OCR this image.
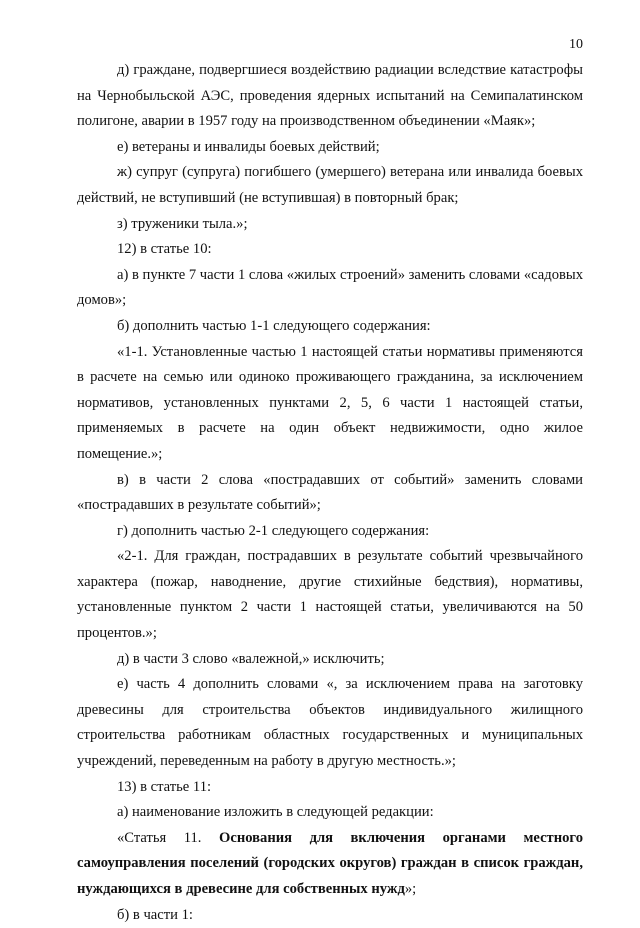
10

д) граждане, подвергшиеся воздействию радиации вследствие катастрофы на Чернобыльской АЭС, проведения ядерных испытаний на Семипалатинском полигоне, аварии в 1957 году на производственном объединении «Маяк»;

е) ветераны и инвалиды боевых действий;

ж) супруг (супруга) погибшего (умершего) ветерана или инвалида боевых действий, не вступивший (не вступившая) в повторный брак;

з) труженики тыла.»;

12) в статье 10:

а) в пункте 7 части 1 слова «жилых строений» заменить словами «садовых домов»;

б) дополнить частью 1-1 следующего содержания:

«1-1. Установленные частью 1 настоящей статьи нормативы применяются в расчете на семью или одиноко проживающего гражданина, за исключением нормативов, установленных пунктами 2, 5, 6 части 1 настоящей статьи, применяемых в расчете на один объект недвижимости, одно жилое помещение.»;

в) в части 2 слова «пострадавших от событий» заменить словами «пострадавших в результате событий»;

г) дополнить частью 2-1 следующего содержания:

«2-1. Для граждан, пострадавших в результате событий чрезвычайного характера (пожар, наводнение, другие стихийные бедствия), нормативы, установленные пунктом 2 части 1 настоящей статьи, увеличиваются на 50 процентов.»;

д) в части 3 слово «валежной,» исключить;

е) часть 4 дополнить словами «, за исключением права на заготовку древесины для строительства объектов индивидуального жилищного строительства работникам областных государственных и муниципальных учреждений, переведенным на работу в другую местность.»;

13) в статье 11:

а) наименование изложить в следующей редакции:

«Статья 11. Основания для включения органами местного самоуправления поселений (городских округов) граждан в список граждан, нуждающихся в древесине для собственных нужд»;

б) в части 1:
